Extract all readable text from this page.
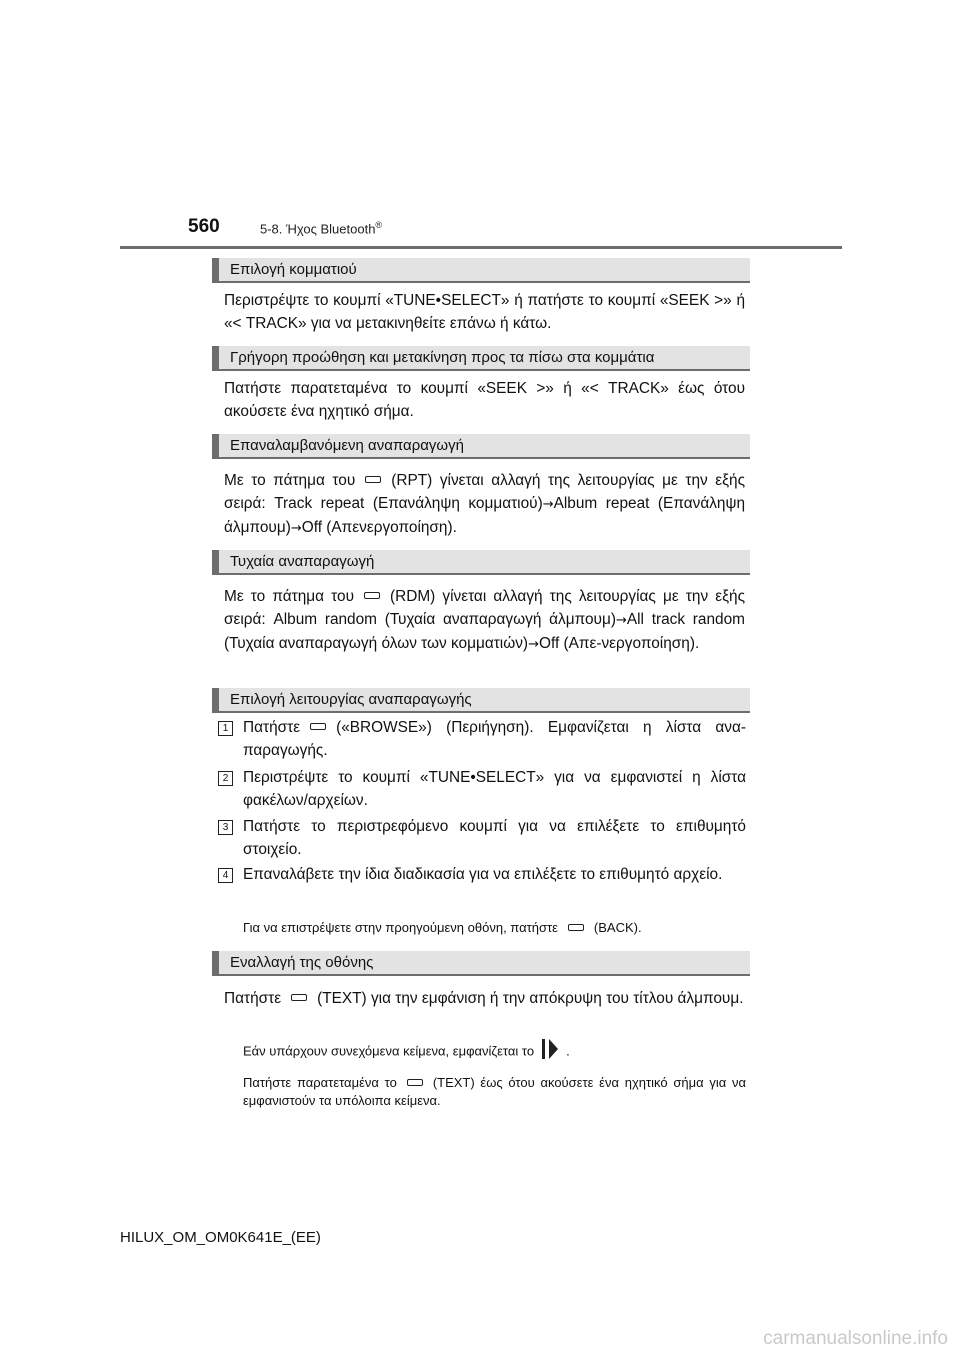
560	5-8. Ήχος Bluetooth®
Επιλογή κομματιού

Περιστρέψτε το κουμπί «TUNE•SELECT» ή πατήστε το κουμπί «SEEK >» ή «< TRACK» για να μετακινηθείτε επάνω ή κάτω.

Γρήγορη προώθηση και μετακίνηση προς τα πίσω στα κομμάτια

Πατήστε παρατεταμένα το κουμπί «SEEK >» ή «< TRACK» έως ότου ακούσετε ένα ηχητικό σήμα.

Επαναλαμβανόμενη αναπαραγωγή

Με το πάτημα του (RPT) γίνεται αλλαγή της λειτουργίας με την εξής σειρά: Track repeat (Επανάληψη κομματιού)→Album repeat (Επανάληψη άλμπουμ)→Off (Απενεργοποίηση).

Τυχαία αναπαραγωγή

Με το πάτημα του (RDM) γίνεται αλλαγή της λειτουργίας με την εξής σειρά: Album random (Τυχαία αναπαραγωγή άλμπουμ)→All track random (Τυχαία αναπαραγωγή όλων των κομματιών)→Off (Απε-νεργοποίηση).

Επιλογή λειτουργίας αναπαραγωγής
1 Πατήστε («BROWSE») (Περιήγηση). Εμφανίζεται η λίστα ανα-παραγωγής.

2 Περιστρέψτε το κουμπί «TUNE•SELECT» για να εμφανιστεί η λίστα φακέλων/αρχείων.

3 Πατήστε το περιστρεφόμενο κουμπί για να επιλέξετε το επιθυμητό στοιχείο.

4 Επαναλάβετε την ίδια διαδικασία για να επιλέξετε το επιθυμητό αρχείο.

Για να επιστρέψετε στην προηγούμενη οθόνη, πατήστε	(BACK).

Εναλλαγή της οθόνης

Πατήστε (TEXT) για την εμφάνιση ή την απόκρυψη του τίτλου άλμπουμ.

Εάν υπάρχουν συνεχόμενα κείμενα, εμφανίζεται το .

Πατήστε παρατεταμένα το	(TEXT) έως ότου ακούσετε ένα ηχητικό σήμα για να εμφανιστούν τα υπόλοιπα κείμενα.

HILUX_OM_OM0K641E_(EE)
carmanualsonline.info
